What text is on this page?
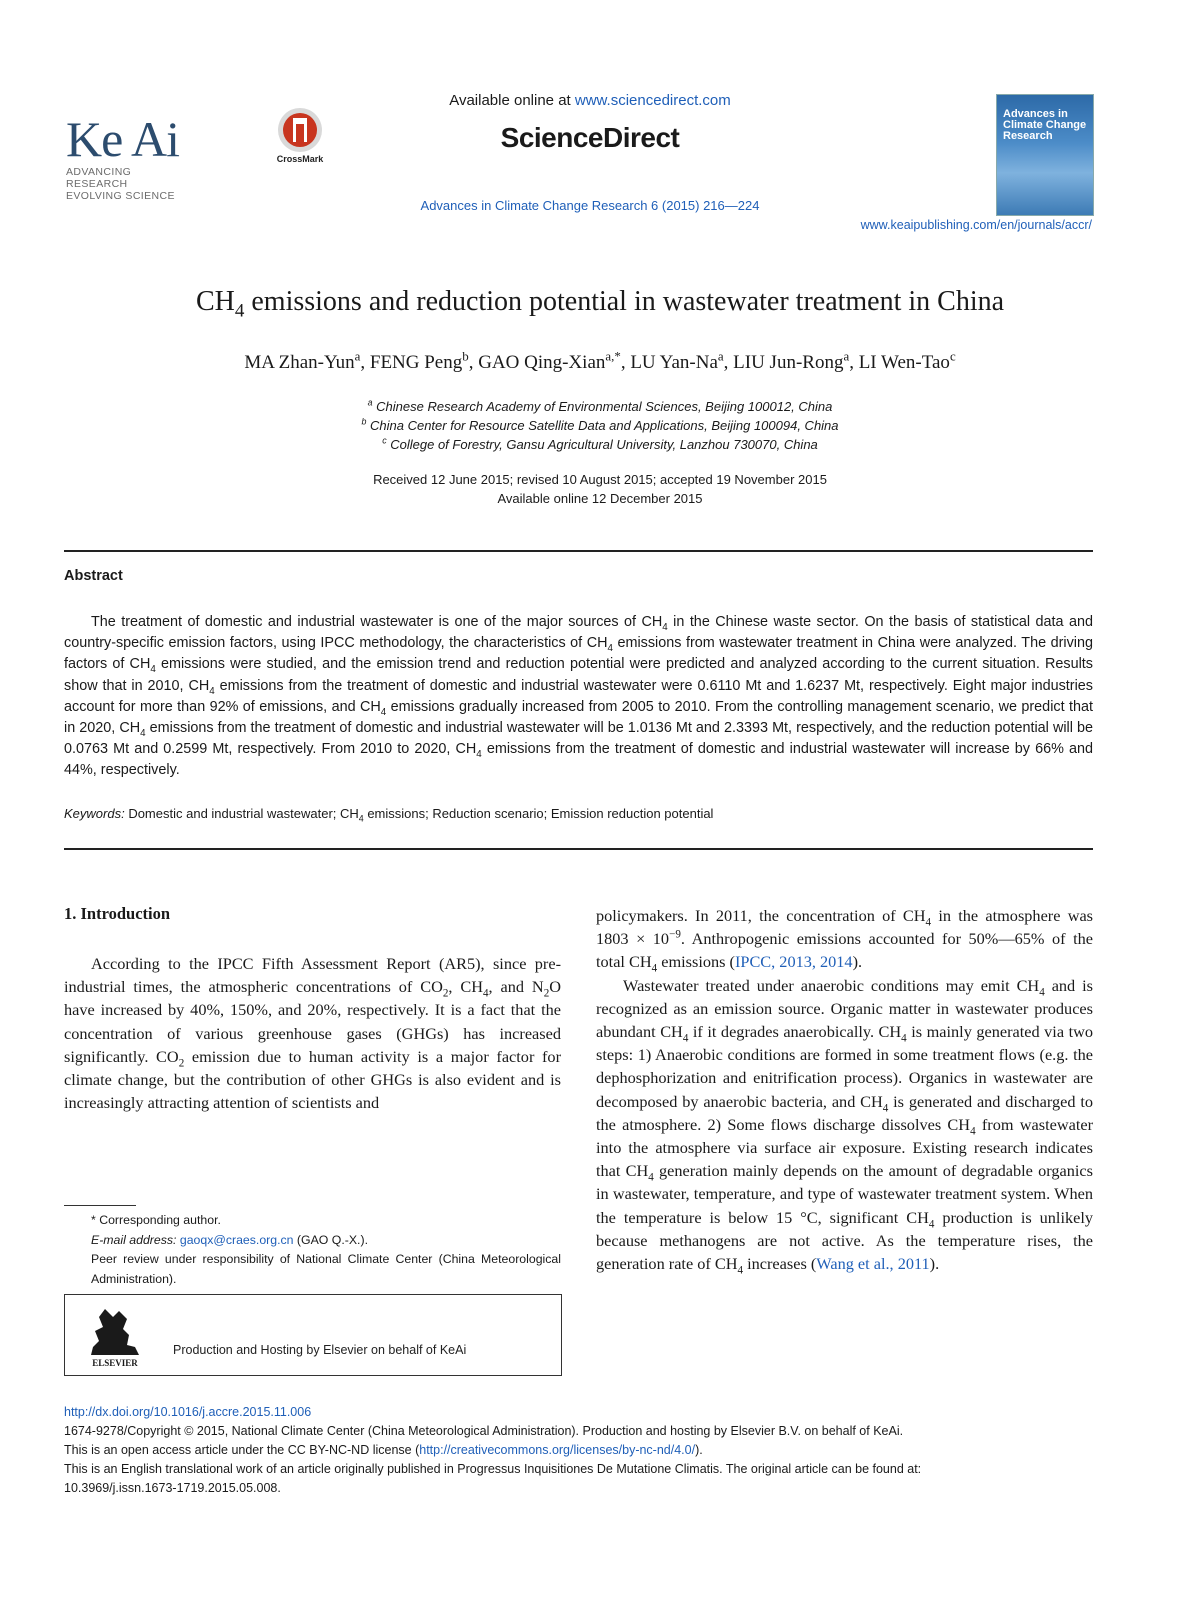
Ke Ai
ADVANCING RESEARCH
EVOLVING SCIENCE
CrossMark
Available online at www.sciencedirect.com
ScienceDirect
Advances in Climate Change Research 6 (2015) 216—224
Advances in Climate Change Research
www.keaipublishing.com/en/journals/accr/
$CH_4$ emissions and reduction potential in wastewater treatment in China
MA Zhan-Yun$^a$, FENG Peng$^b$, GAO Qing-Xian$^{a,*}$, LU Yan-Na$^a$, LIU Jun-Rong$^a$, LI Wen-Tao$^c$
$^a$ Chinese Research Academy of Environmental Sciences, Beijing 100012, China
$^b$ China Center for Resource Satellite Data and Applications, Beijing 100094, China
$^c$ College of Forestry, Gansu Agricultural University, Lanzhou 730070, China
Received 12 June 2015; revised 10 August 2015; accepted 19 November 2015
Available online 12 December 2015
Abstract
The treatment of domestic and industrial wastewater is one of the major sources of $CH_4$ in the Chinese waste sector. On the basis of statistical data and country-specific emission factors, using IPCC methodology, the characteristics of $CH_4$ emissions from wastewater treatment in China were analyzed. The driving factors of $CH_4$ emissions were studied, and the emission trend and reduction potential were predicted and analyzed according to the current situation. Results show that in 2010, $CH_4$ emissions from the treatment of domestic and industrial wastewater were 0.6110 Mt and 1.6237 Mt, respectively. Eight major industries account for more than 92% of emissions, and $CH_4$ emissions gradually increased from 2005 to 2010. From the controlling management scenario, we predict that in 2020, $CH_4$ emissions from the treatment of domestic and industrial wastewater will be 1.0136 Mt and 2.3393 Mt, respectively, and the reduction potential will be 0.0763 Mt and 0.2599 Mt, respectively. From 2010 to 2020, $CH_4$ emissions from the treatment of domestic and industrial wastewater will increase by 66% and 44%, respectively.
Keywords: Domestic and industrial wastewater; $CH_4$ emissions; Reduction scenario; Emission reduction potential
1. Introduction

According to the IPCC Fifth Assessment Report (AR5), since pre-industrial times, the atmospheric concentrations of $CO_2$, $CH_4$, and $N_2O$ have increased by 40%, 150%, and 20%, respectively. It is a fact that the concentration of various greenhouse gases (GHGs) has increased significantly. $CO_2$ emission due to human activity is a major factor for climate change, but the contribution of other GHGs is also evident and is increasingly attracting attention of scientists and

policymakers. In 2011, the concentration of $CH_4$ in the atmosphere was $1803 \times 10^{-9}$. Anthropogenic emissions accounted for 50%—65% of the total $CH_4$ emissions (IPCC, 2013, 2014).

Wastewater treated under anaerobic conditions may emit $CH_4$ and is recognized as an emission source. Organic matter in wastewater produces abundant $CH_4$ if it degrades anaerobically. $CH_4$ is mainly generated via two steps: 1) Anaerobic conditions are formed in some treatment flows (e.g. the dephosphorization and enitrification process). Organics in wastewater are decomposed by anaerobic bacteria, and $CH_4$ is generated and discharged to the atmosphere. 2) Some flows discharge dissolves $CH_4$ from wastewater into the atmosphere via surface air exposure. Existing research indicates that $CH_4$ generation mainly depends on the amount of degradable organics in wastewater, temperature, and type of wastewater treatment system. When the temperature is below 15 °C, significant $CH_4$ production is unlikely because methanogens are not active. As the temperature rises, the generation rate of $CH_4$ increases (Wang et al., 2011).

* Corresponding author.
E-mail address: gaoqx@craes.org.cn (GAO Q.-X.).
Peer review under responsibility of National Climate Center (China Meteorological Administration).
ELSEVIER
Production and Hosting by Elsevier on behalf of KeAi
http://dx.doi.org/10.1016/j.accre.2015.11.006
1674-9278/Copyright © 2015, National Climate Center (China Meteorological Administration). Production and hosting by Elsevier B.V. on behalf of KeAi.
This is an open access article under the CC BY-NC-ND license (http://creativecommons.org/licenses/by-nc-nd/4.0/).
This is an English translational work of an article originally published in Progressus Inquisitiones De Mutatione Climatis. The original article can be found at:
10.3969/j.issn.1673-1719.2015.05.008.
